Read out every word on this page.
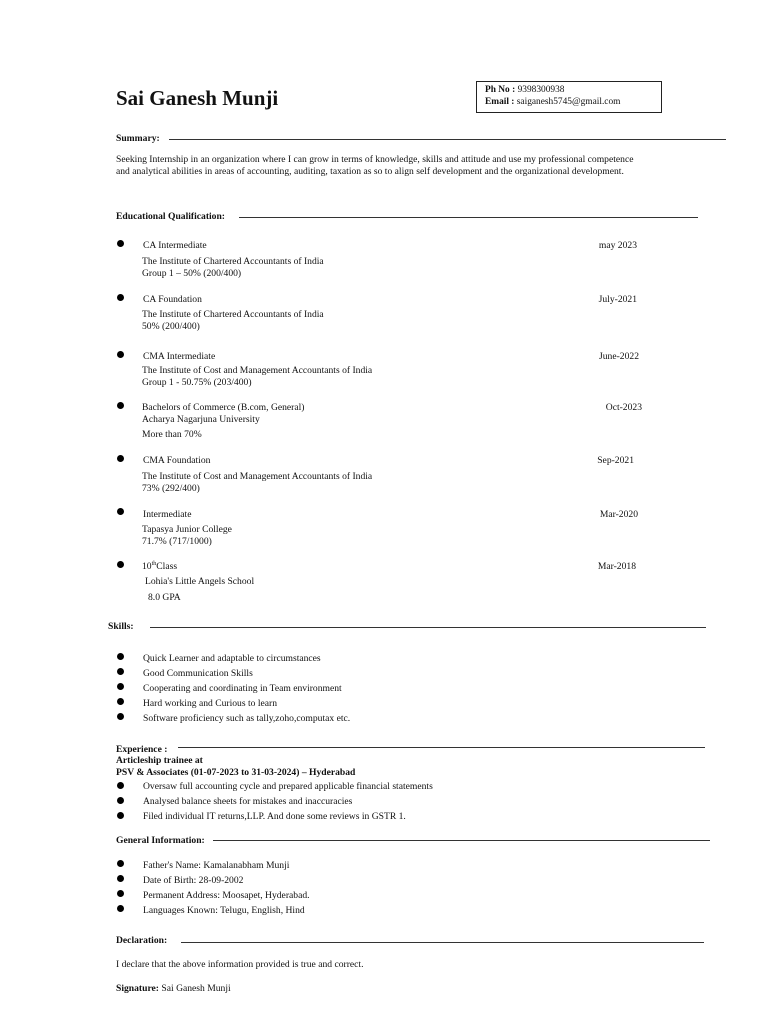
Sai Ganesh Munji	Ph No : 9398300938
Email : saiganesh5745@gmail.com
Summary:
Seeking Internship in an organization where I can grow in terms of knowledge, skills and attitude and use my professional competence and analytical abilities in areas of accounting, auditing, taxation as so to align self development and the organizational development.
Educational Qualification:
CA Intermediate	may 2023
The Institute of Chartered Accountants of India
Group 1 – 50% (200/400)
CA Foundation	July-2021
The Institute of Chartered Accountants of India
50% (200/400)
CMA Intermediate	June-2022
The Institute of Cost and Management Accountants of India
Group 1 - 50.75% (203/400)
Bachelors of Commerce (B.com, General)	Oct-2023
Acharya Nagarjuna University
More than 70%
CMA Foundation	Sep-2021
The Institute of Cost and Management Accountants of India
73% (292/400)
Intermediate	Mar-2020
Tapasya Junior College
71.7% (717/1000)
10thClass	Mar-2018
Lohia's Little Angels School
8.0 GPA
Skills:
Quick Learner and adaptable to circumstances
Good Communication Skills
Cooperating and coordinating in Team environment
Hard working and Curious to learn
Software proficiency such as tally,zoho,computax etc.
Experience :
Articleship trainee at
PSV & Associates (01-07-2023 to 31-03-2024) – Hyderabad
Oversaw full accounting cycle and prepared applicable financial statements
Analysed balance sheets for mistakes and inaccuracies
Filed individual IT returns,LLP. And done some reviews in GSTR 1.
General Information:
Father's Name: Kamalanabham Munji
Date of Birth: 28-09-2002
Permanent Address: Moosapet, Hyderabad.
Languages Known: Telugu, English, Hind
Declaration:
I declare that the above information provided is true and correct.
Signature: Sai Ganesh Munji
